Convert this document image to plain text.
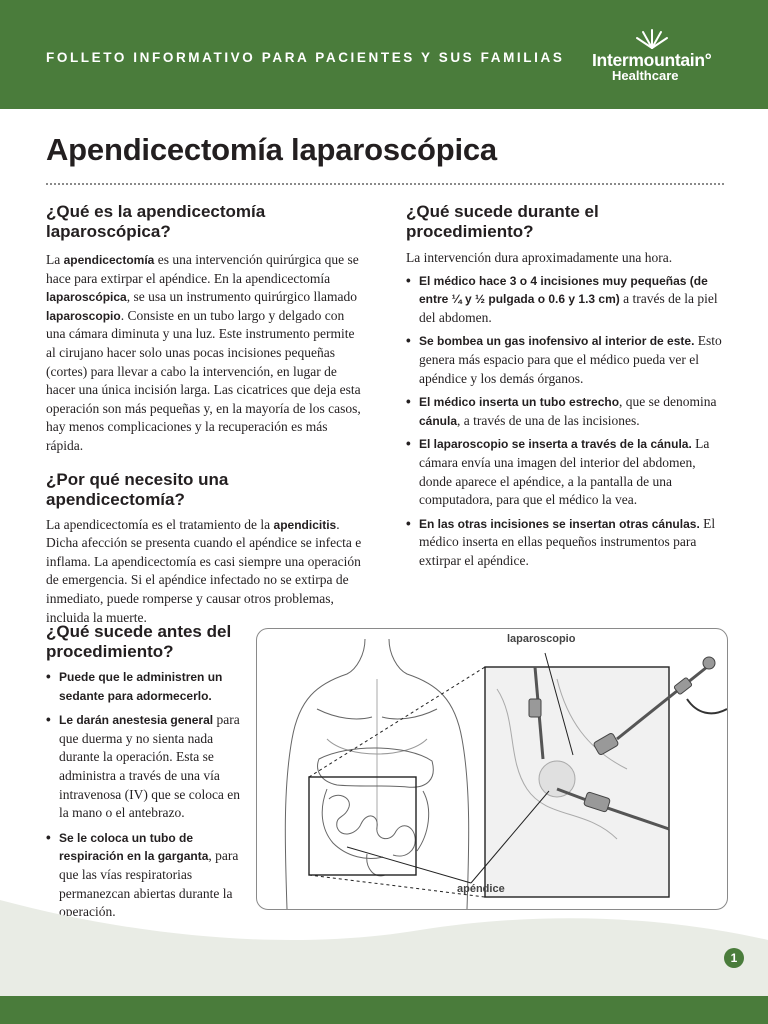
FOLLETO INFORMATIVO PARA PACIENTES Y SUS FAMILIAS Intermountain°
Healthcare
Apendicectomía laparoscópica
¿Qué es la apendicectomía laparoscópica?

La apendicectomía es una intervención quirúrgica que se hace para extirpar el apéndice. En la apendicectomía laparoscópica, se usa un instrumento quirúrgico llamado laparoscopio. Consiste en un tubo largo y delgado con una cámara diminuta y una luz. Este instrumento permite al cirujano hacer solo unas pocas incisiones pequeñas (cortes) para llevar a cabo la intervención, en lugar de hacer una única incisión larga. Las cicatrices que deja esta operación son más pequeñas y, en la mayoría de los casos, hay menos complicaciones y la recuperación es más rápida.

¿Por qué necesito una apendicectomía?

La apendicectomía es el tratamiento de la apendicitis. Dicha afección se presenta cuando el apéndice se infecta e inflama. La apendicectomía es casi siempre una operación de emergencia. Si el apéndice infectado no se extirpa de inmediato, puede romperse y causar otros problemas, incluida la muerte.

¿Qué sucede antes del procedimiento?
• Puede que le administren un sedante para adormecerlo.
• Le darán anestesia general para que duerma y no sienta nada durante la operación. Esta se administra a través de una vía intravenosa (IV) que se coloca en la mano o el antebrazo.
• Se le coloca un tubo de respiración en la garganta, para que las vías respiratorias permanezcan abiertas durante la operación.
¿Qué sucede durante el procedimiento?

La intervención dura aproximadamente una hora.

• El médico hace 3 o 4 incisiones muy pequeñas (de entre ¼ y ½ pulgada o 0.6 y 1.3 cm) a través de la piel del abdomen.
• Se bombea un gas inofensivo al interior de este. Esto genera más espacio para que el médico pueda ver el apéndice y los demás órganos.
• El médico inserta un tubo estrecho, que se denomina cánula, a través de una de las incisiones.
• El laparoscopio se inserta a través de la cánula. La cámara envía una imagen del interior del abdomen, donde aparece el apéndice, a la pantalla de una computadora, para que el médico la vea.
• En las otras incisiones se insertan otras cánulas. El médico inserta en ellas pequeños instrumentos para extirpar el apéndice.
laparoscopio
apéndice
1
